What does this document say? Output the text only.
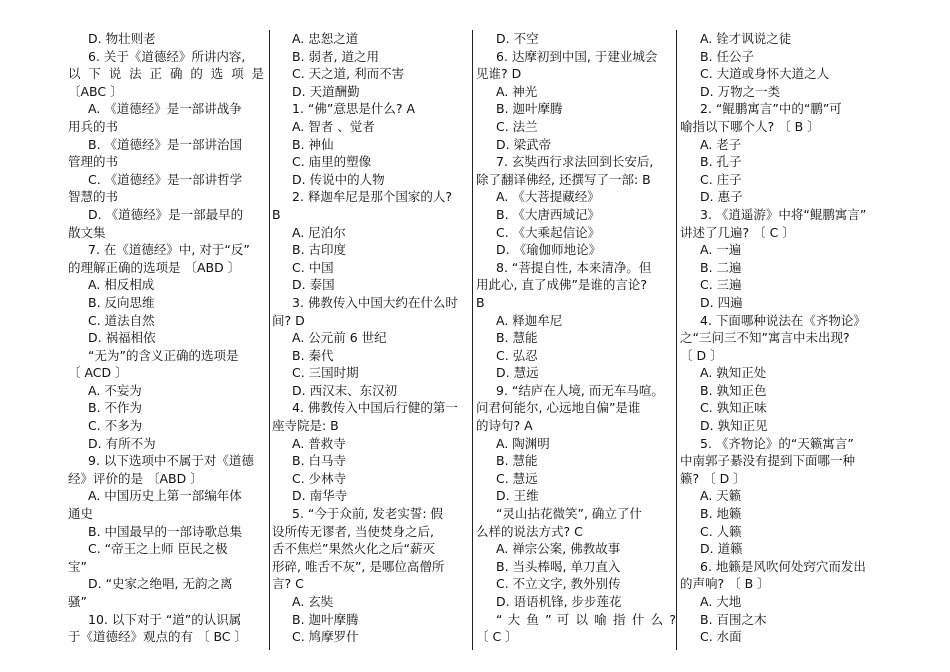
D. 物壮则老
6. 关于《道德经》所讲内容,
以 下 说 法 正 确 的 选 项 是
〔ABC 〕
A. 《道德经》是一部讲战争
用兵的书
B. 《道德经》是一部讲治国
管理的书
C. 《道德经》是一部讲哲学
智慧的书
D. 《道德经》是一部最早的
散文集
7. 在《道德经》中, 对于“反”
的理解正确的选项是 〔ABD 〕
A. 相反相成
B. 反向思维
C. 道法自然
D. 祸福相依
“无为”的含义正确的选项是
〔 ACD 〕
A. 不妄为
B. 不作为
C. 不多为
D. 有所不为
9. 以下选项中不属于对《道德
经》评价的是 〔ABD 〕
A. 中国历史上第一部编年体
通史
B. 中国最早的一部诗歌总集
C. “帝王之上师 臣民之极
宝”
D. “史家之绝唱, 无韵之离
骚”
10. 以下对于 “道”的认识属
于《道德经》观点的有 〔 BC 〕
A. 忠恕之道
B. 弱者, 道之用
C. 天之道, 利而不害
D. 天道酬勤
1. “佛”意思是什么? A
A. 智者 、觉者
B. 神仙
C. 庙里的塑像
D. 传说中的人物
2. 释迦牟尼是那个国家的人?
B
A. 尼泊尔
B. 古印度
C. 中国
D. 泰国
3. 佛教传入中国大约在什么时
间? D
A. 公元前 6 世纪
B. 秦代
C. 三国时期
D. 西汉末、东汉初
4. 佛教传入中国后行健的第一
座寺院是: B
A. 普救寺
B. 白马寺
C. 少林寺
D. 南华寺
5. “今于众前, 发老实誓: 假
设所传无谬者, 当使焚身之后,
舌不焦烂”果然火化之后“薪灭
形碎, 唯舌不灰”, 是哪位高僧所
言? C
A. 玄奘
B. 迦叶摩腾
C. 鸠摩罗什
D. 不空
6. 达摩初到中国, 于建业城会
见谁? D
A. 神光
B. 迦叶摩腾
C. 法兰
D. 梁武帝
7. 玄奘西行求法回到长安后,
除了翻译佛经, 还撰写了一部: B
A. 《大菩提藏经》
B. 《大唐西域记》
C. 《大乘起信论》
D. 《瑜伽师地论》
8. “菩提自性, 本来清净。但
用此心, 直了成佛”是谁的言论?
B
A. 释迦牟尼
B. 慧能
C. 弘忍
D. 慧远
9. “结庐在人境, 而无车马喧。
问君何能尔, 心远地自偏”是谁
的诗句? A
A. 陶渊明
B. 慧能
C. 慧远
D. 王维
“灵山拈花微笑”, 确立了什
么样的说法方式? C
A. 禅宗公案, 佛教故事
B. 当头棒喝, 单刀直入
C. 不立文字, 教外别传
D. 语语机锋, 步步莲花
“ 大 鱼 ” 可 以 喻 指 什 么 ?
〔 C 〕
A. 铨才讽说之徒
B. 任公子
C. 大道或身怀大道之人
D. 万物之一类
2. “鲲鹏寓言”中的“鹏”可
喻指以下哪个人? 〔 B 〕
A. 老子
B. 孔子
C. 庄子
D. 惠子
3. 《逍遥游》中将“鲲鹏寓言”
讲述了几遍? 〔 C 〕
A. 一遍
B. 二遍
C. 三遍
D. 四遍
4. 下面哪种说法在《齐物论》
之“三问三不知”寓言中未出现?
〔 D 〕
A. 孰知正处
B. 孰知正色
C. 孰知正味
D. 孰知正见
5. 《齐物论》的“天籁寓言”
中南郭子綦没有提到下面哪一种
籁? 〔 D 〕
A. 天籁
B. 地籁
C. 人籁
D. 道籁
6. 地籁是风吹何处窍穴而发出
的声响? 〔 B 〕
A. 大地
B. 百围之木
C. 水面
